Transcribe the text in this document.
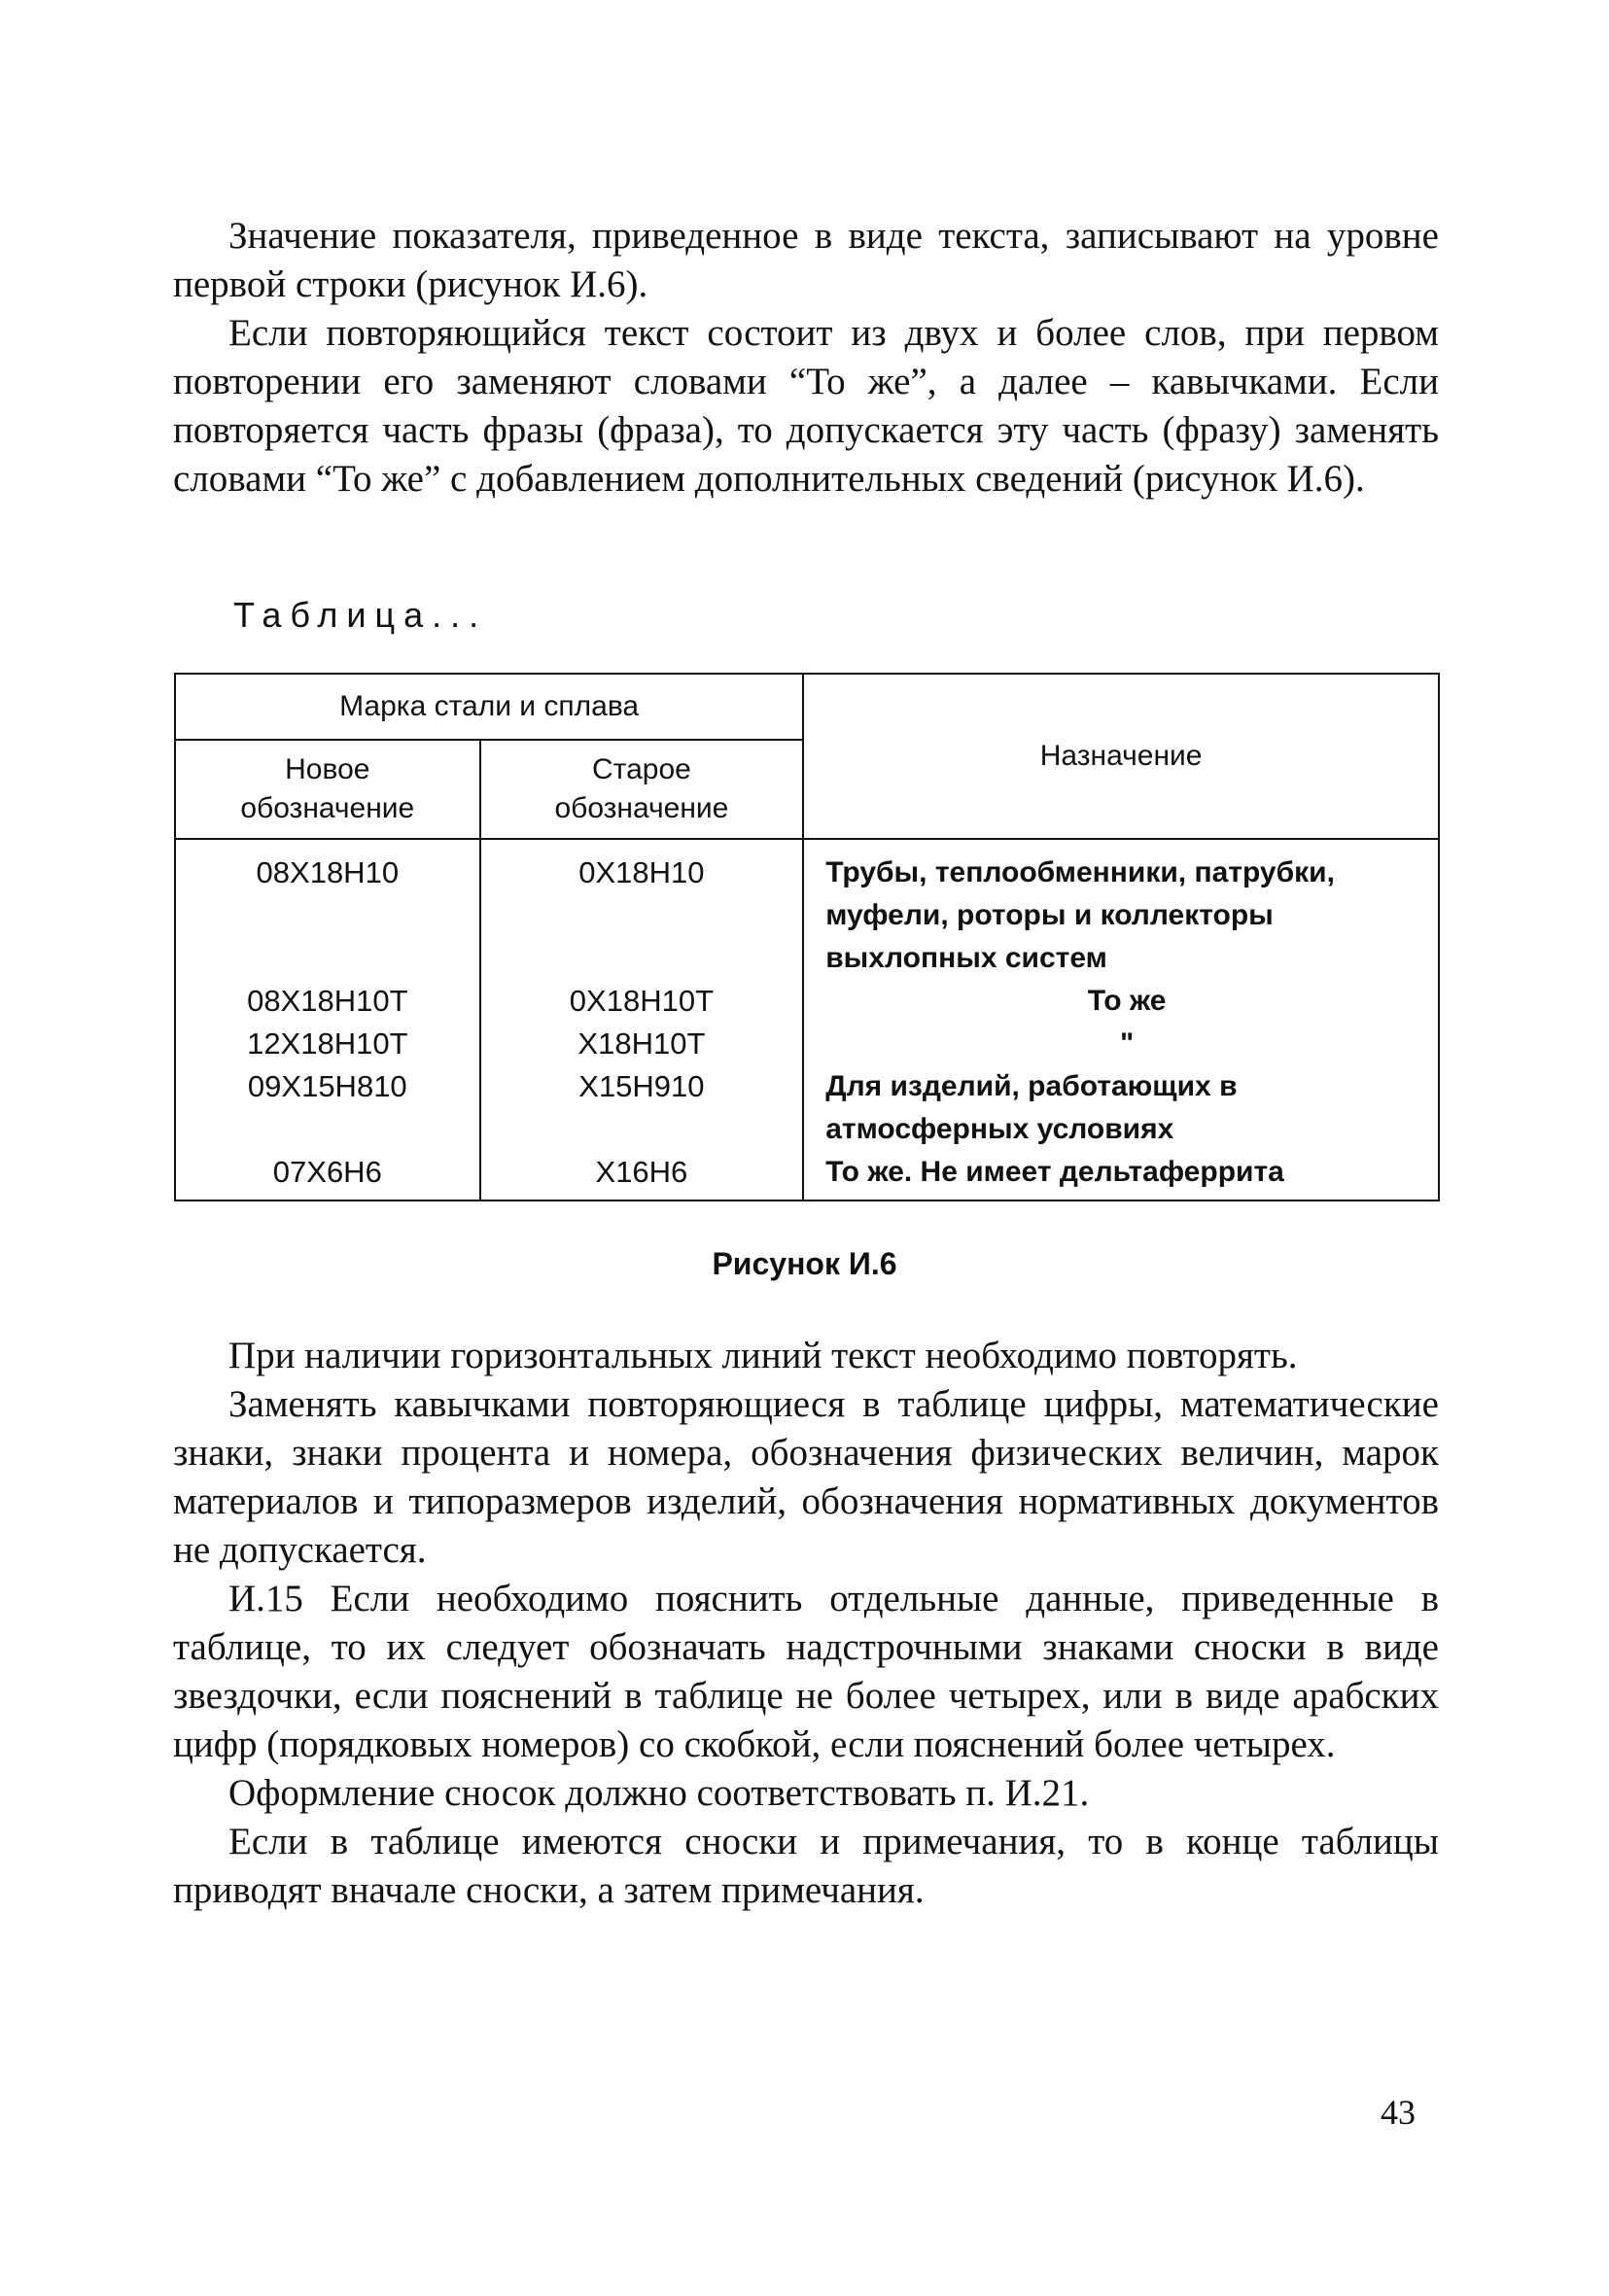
Значение показателя, приведенное в виде текста, записывают на уровне первой строки (рисунок И.6).

Если повторяющийся текст состоит из двух и более слов, при первом повторении его заменяют словами “То же”, а далее – кавычками. Если повторяется часть фразы (фраза), то допускается эту часть (фразу) заменять словами “То же” с добавлением дополнительных сведений (рисунок И.6).

Таблица...

Марка стали и сплава		Назначение
Новое обозначение	Старое обозначение	
08Х18Н10	0Х18Н10	Трубы, теплообменники, патрубки, муфели, роторы и коллекторы выхлопных систем
08Х18Н10Т	0Х18Н10Т	То же
12Х18Н10Т	Х18Н10Т	"
09Х15Н810	Х15Н910	Для изделий, работающих в атмосферных условиях
07Х6Н6	Х16Н6	То же. Не имеет дельтаферрита

Рисунок И.6

При наличии горизонтальных линий текст необходимо повторять.

Заменять кавычками повторяющиеся в таблице цифры, математические знаки, знаки процента и номера, обозначения физических величин, марок материалов и типоразмеров изделий, обозначения нормативных документов не допускается.

И.15 Если необходимо пояснить отдельные данные, приведенные в таблице, то их следует обозначать надстрочными знаками сноски в виде звездочки, если пояснений в таблице не более четырех, или в виде арабских цифр (порядковых номеров) со скобкой, если пояснений более четырех.

Оформление сносок должно соответствовать п. И.21.

Если в таблице имеются сноски и примечания, то в конце таблицы приводят вначале сноски, а затем примечания.

43
